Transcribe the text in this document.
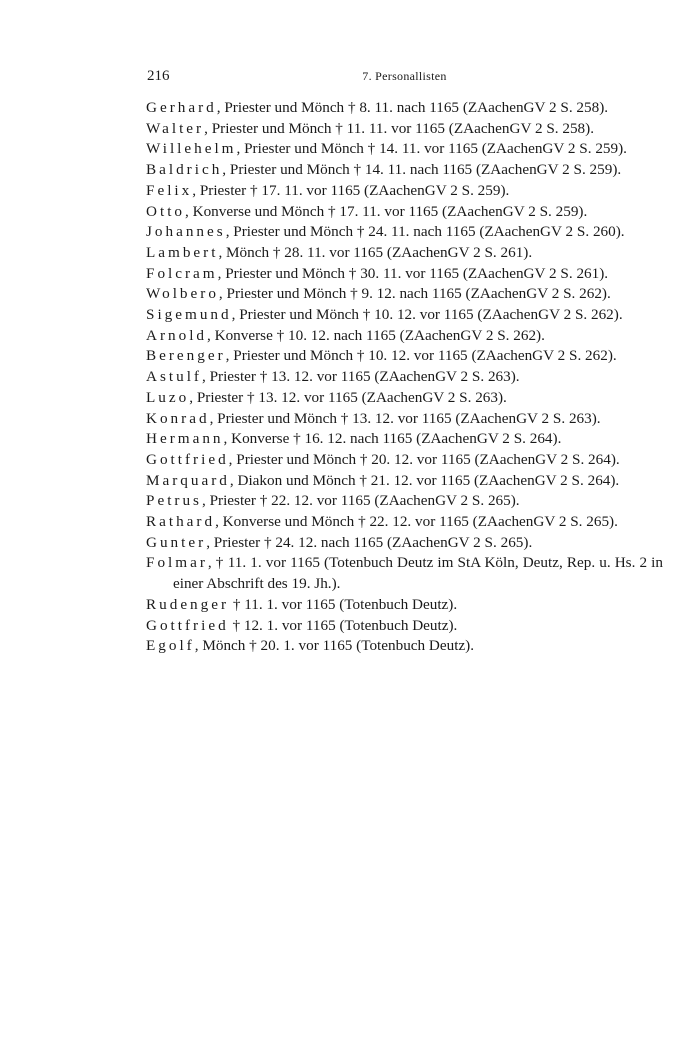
216	7. Personallisten
Gerhard, Priester und Mönch † 8. 11. nach 1165 (ZAachenGV 2 S. 258).
Walter, Priester und Mönch † 11. 11. vor 1165 (ZAachenGV 2 S. 258).
Willehelm, Priester und Mönch † 14. 11. vor 1165 (ZAachenGV 2 S. 259).
Baldrich, Priester und Mönch † 14. 11. nach 1165 (ZAachenGV 2 S. 259).
Felix, Priester † 17. 11. vor 1165 (ZAachenGV 2 S. 259).
Otto, Konverse und Mönch † 17. 11. vor 1165 (ZAachenGV 2 S. 259).
Johannes, Priester und Mönch † 24. 11. nach 1165 (ZAachenGV 2 S. 260).
Lambert, Mönch † 28. 11. vor 1165 (ZAachenGV 2 S. 261).
Folcram, Priester und Mönch † 30. 11. vor 1165 (ZAachenGV 2 S. 261).
Wolbero, Priester und Mönch † 9. 12. nach 1165 (ZAachenGV 2 S. 262).
Sigemund, Priester und Mönch † 10. 12. vor 1165 (ZAachenGV 2 S. 262).
Arnold, Konverse † 10. 12. nach 1165 (ZAachenGV 2 S. 262).
Berenger, Priester und Mönch † 10. 12. vor 1165 (ZAachenGV 2 S. 262).
Astulf, Priester † 13. 12. vor 1165 (ZAachenGV 2 S. 263).
Luzo, Priester † 13. 12. vor 1165 (ZAachenGV 2 S. 263).
Konrad, Priester und Mönch † 13. 12. vor 1165 (ZAachenGV 2 S. 263).
Hermann, Konverse † 16. 12. nach 1165 (ZAachenGV 2 S. 264).
Gottfried, Priester und Mönch † 20. 12. vor 1165 (ZAachenGV 2 S. 264).
Marquard, Diakon und Mönch † 21. 12. vor 1165 (ZAachenGV 2 S. 264).
Petrus, Priester † 22. 12. vor 1165 (ZAachenGV 2 S. 265).
Rathard, Konverse und Mönch † 22. 12. vor 1165 (ZAachenGV 2 S. 265).
Gunter, Priester † 24. 12. nach 1165 (ZAachenGV 2 S. 265).
Folmar, † 11. 1. vor 1165 (Totenbuch Deutz im StA Köln, Deutz, Rep. u. Hs. 2 in einer Abschrift des 19. Jh.).
Rudenger † 11. 1. vor 1165 (Totenbuch Deutz).
Gottfried † 12. 1. vor 1165 (Totenbuch Deutz).
Egolf, Mönch † 20. 1. vor 1165 (Totenbuch Deutz).
